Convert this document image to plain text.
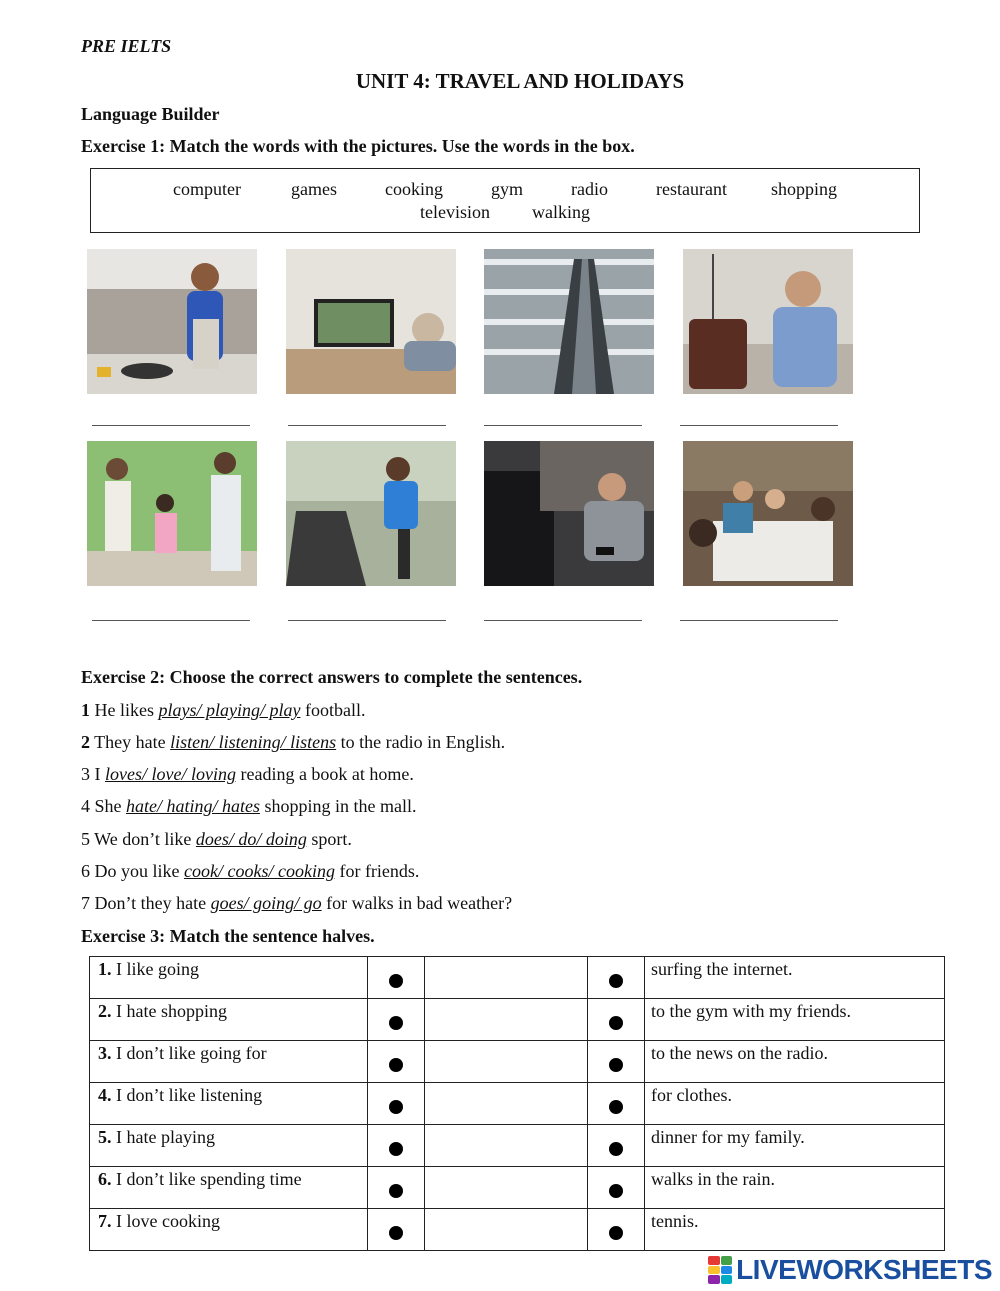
PRE IELTS
UNIT 4: TRAVEL AND HOLIDAYS
Language Builder
Exercise 1: Match the words with the pictures. Use the words in the box.
computer	games	cooking	gym	radio	restaurant shopping
television walking
Exercise 2: Choose the correct answers to complete the sentences.
1 He likes plays/ playing/ play football.
2 They hate listen/ listening/ listens to the radio in English.
3 I loves/ love/ loving reading a book at home.
4 She hate/ hating/ hates shopping in the mall.
5 We don’t like does/ do/ doing sport.
6 Do you like cook/ cooks/ cooking for friends.
7 Don’t they hate goes/ going/ go for walks in bad weather?
Exercise 3: Match the sentence halves.
1. I like going				surfing the internet.
2. I hate shopping				to the gym with my friends.
3. I don’t like going for				to the news on the radio.
4. I don’t like listening				for clothes.
5. I hate playing				dinner for my family.
6. I don’t like spending time				walks in the rain.
7. I love cooking				tennis.
LIVEWORKSHEETS
